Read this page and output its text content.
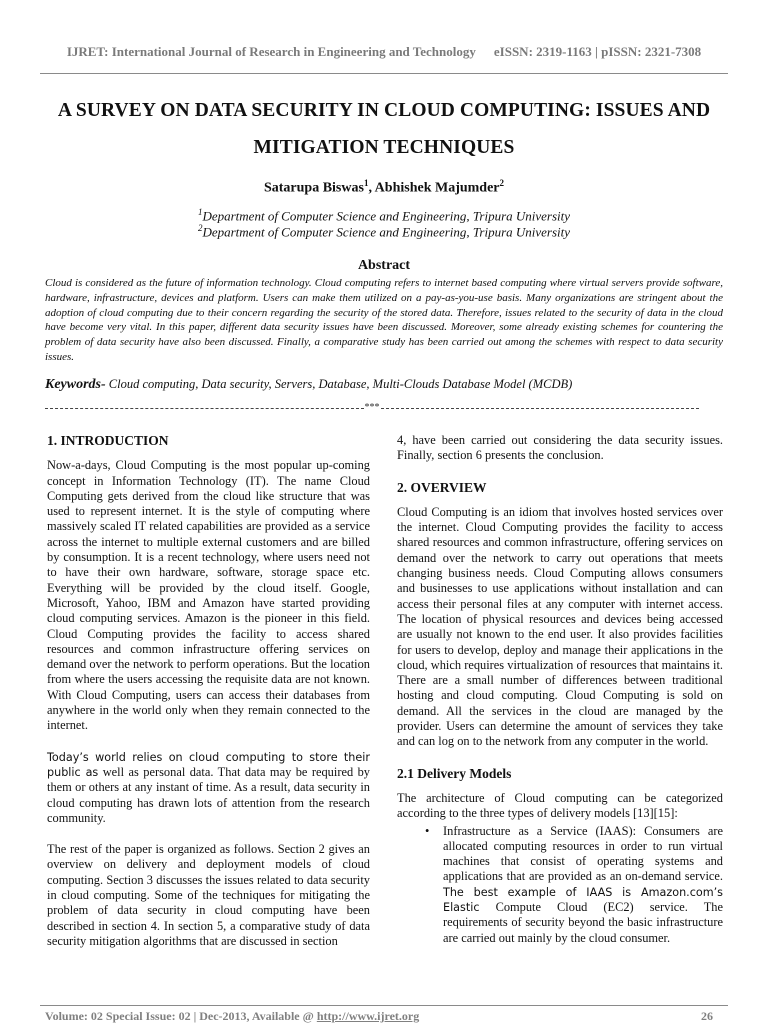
IJRET: International Journal of Research in Engineering and Technology eISSN: 2319-1163 | pISSN: 2321-7308
A SURVEY ON DATA SECURITY IN CLOUD COMPUTING: ISSUES AND
MITIGATION TECHNIQUES
Satarupa Biswas$^1$, Abhishek Majumder$^2$
$^1$Department of Computer Science and Engineering, Tripura University
$^2$Department of Computer Science and Engineering, Tripura University
Abstract
Cloud is considered as the future of information technology. Cloud computing refers to internet based computing where virtual servers provide software, hardware, infrastructure, devices and platform. Users can make them utilized on a pay-as-you-use basis. Many organizations are stringent about the adoption of cloud computing due to their concern regarding the security of the stored data. Therefore, issues related to the security of data in the cloud have become very vital. In this paper, different data security issues have been discussed. Moreover, some already existing schemes for countering the problem of data security have also been discussed. Finally, a comparative study has been carried out among the schemes with respect to data security issues.
Keywords- Cloud computing, Data security, Servers, Database, Multi-Clouds Database Model (MCDB)
***
1. INTRODUCTION

Now-a-days, Cloud Computing is the most popular up-coming concept in Information Technology (IT). The name Cloud Computing gets derived from the cloud like structure that was used to represent internet. It is the style of computing where massively scaled IT related capabilities are provided as a service across the internet to multiple external customers and are billed by consumption. It is a recent technology, where users need not to have their own hardware, software, storage space etc. Everything will be provided by the cloud itself. Google, Microsoft, Yahoo, IBM and Amazon have started providing cloud computing services. Amazon is the pioneer in this field. Cloud Computing provides the facility to access shared resources and common infrastructure offering services on demand over the network to perform operations. But the location from where the users accessing the requisite data are not known. With Cloud Computing, users can access their databases from anywhere in the world only when they remain connected to the internet.

Today’s world relies on cloud computing to store their public as well as personal data. That data may be required by them or others at any instant of time. As a result, data security in cloud computing has drawn lots of attention from the research community.

The rest of the paper is organized as follows. Section 2 gives an overview on delivery and deployment models of cloud computing. Section 3 discusses the issues related to data security in cloud computing. Some of the techniques for mitigating the problem of data security in cloud computing have been described in section 4. In section 5, a comparative study of data security mitigation algorithms that are discussed in section

4, have been carried out considering the data security issues. Finally, section 6 presents the conclusion.

2. OVERVIEW

Cloud Computing is an idiom that involves hosted services over the internet. Cloud Computing provides the facility to access shared resources and common infrastructure, offering services on demand over the network to carry out operations that meets changing business needs. Cloud Computing allows consumers and businesses to use applications without installation and can access their personal files at any computer with internet access. The location of physical resources and devices being accessed are usually not known to the end user. It also provides facilities for users to develop, deploy and manage their applications in the cloud, which requires virtualization of resources that maintains it. There are a small number of differences between traditional hosting and cloud computing. Cloud Computing is sold on demand. All the services in the cloud are managed by the provider. Users can determine the amount of services they take and can log on to the network from any computer in the world.

2.1 Delivery Models

The architecture of Cloud computing can be categorized according to the three types of delivery models [13][15]:

• Infrastructure as a Service (IAAS): Consumers are allocated computing resources in order to run virtual machines that consist of operating systems and applications that are provided as an on-demand service. The best example of IAAS is Amazon.com’s Elastic Compute Cloud (EC2) service. The requirements of security beyond the basic infrastructure are carried out mainly by the cloud consumer.
Volume: 02 Special Issue: 02 | Dec-2013, Available @ http://www.ijret.org	26
